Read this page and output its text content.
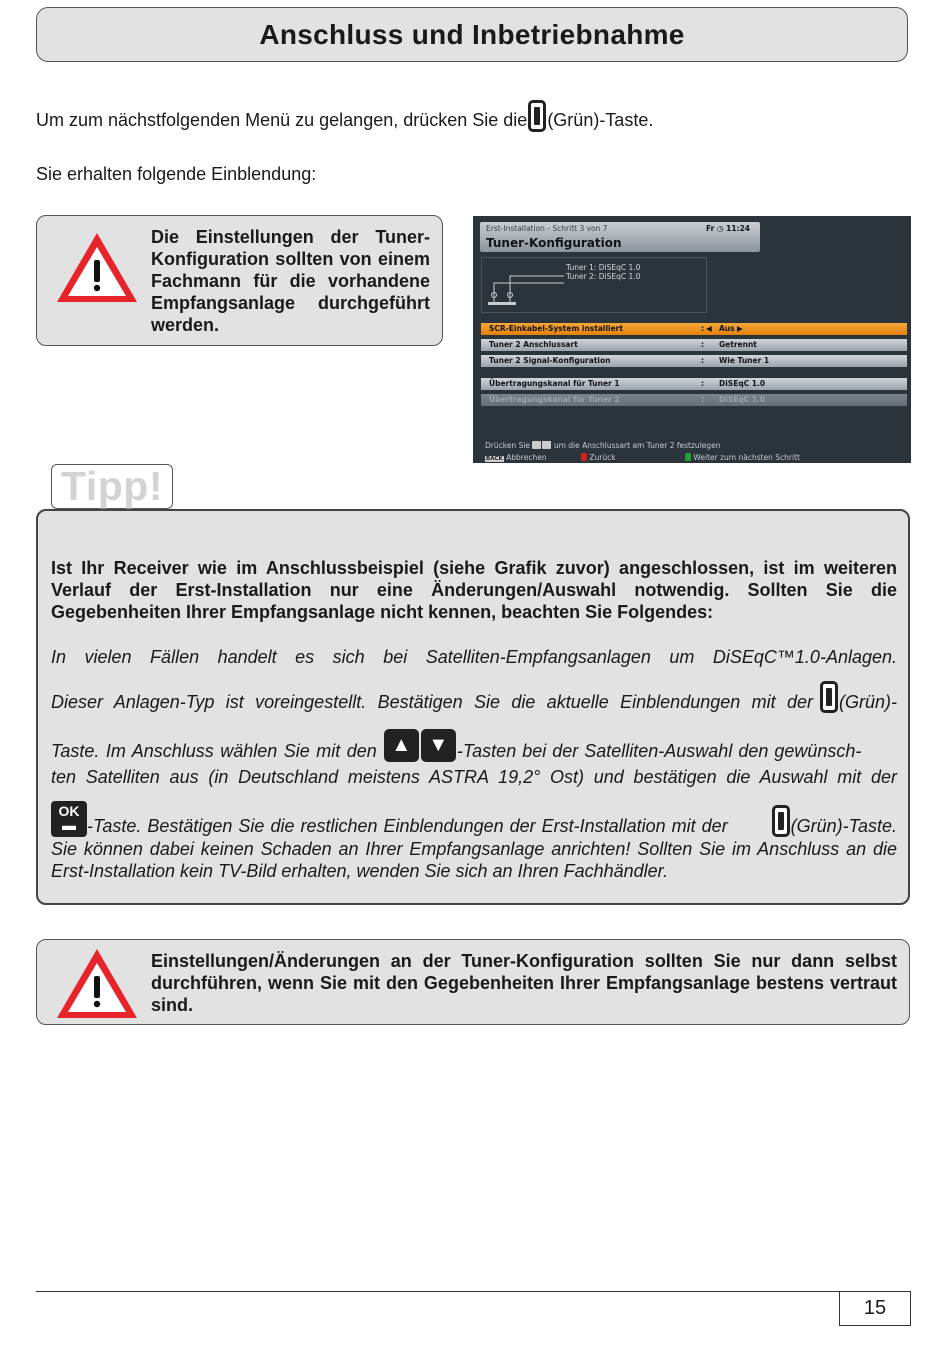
Anschluss und Inbetriebnahme
Um zum nächstfolgenden Menü zu gelangen, drücken Sie die (Grün)-Taste.
Sie erhalten folgende Einblendung:
Die Einstellungen der Tuner-Konfiguration sollten von einem Fachmann für die vorhandene Empfangsanlage durchgeführt werden.
Erst-Installation - Schritt 3 von 7
Tuner-Konfiguration
Fr ◷ 11:24
Tuner 1: DiSEqC 1.0
Tuner 2: DiSEqC 1.0
SCR-Einkabel-System installiert	: ◀ Aus ▶
Tuner 2 Anschlussart	: Getrennt
Tuner 2 Signal-Konfiguration	: Wie Tuner 1
Übertragungskanal für Tuner 1	: DiSEqC 1.0
Übertragungskanal für Tuner 2	: DiSEqC 1.0
Drücken Sie	um die Anschlussart am Tuner 2 festzulegen
BACK Abbrechen	Zurück	Weiter zum nächsten Schritt
Tipp!
Ist Ihr Receiver wie im Anschlussbeispiel (siehe Grafik zuvor) angeschlossen, ist im weiteren Verlauf der Erst-Installation nur eine Änderungen/Auswahl notwendig. Sollten Sie die Gegebenheiten Ihrer Empfangsanlage nicht kennen, beachten Sie Folgendes:
In vielen Fällen handelt es sich bei Satelliten-Empfangsanlagen um DiSEqC™1.0-Anlagen.
Dieser Anlagen-Typ ist voreingestellt. Bestätigen Sie die aktuelle Einblendungen mit der (Grün)-
Taste. Im Anschluss wählen Sie mit den ▲ ▼ -Tasten bei der Satelliten-Auswahl den gewünsch-
ten Satelliten aus (in Deutschland meistens ASTRA 19,2° Ost) und bestätigen die Auswahl mit der
OK
▬ -Taste. Bestätigen Sie die restlichen Einblendungen der Erst-Installation mit der	(Grün)-Taste.
Sie können dabei keinen Schaden an Ihrer Empfangsanlage anrichten! Sollten Sie im Anschluss an die Erst-Installation kein TV-Bild erhalten, wenden Sie sich an Ihren Fachhändler.
Einstellungen/Änderungen an der Tuner-Konfiguration sollten Sie nur dann selbst durchführen, wenn Sie mit den Gegebenheiten Ihrer Empfangsanlage bestens vertraut sind.
15
